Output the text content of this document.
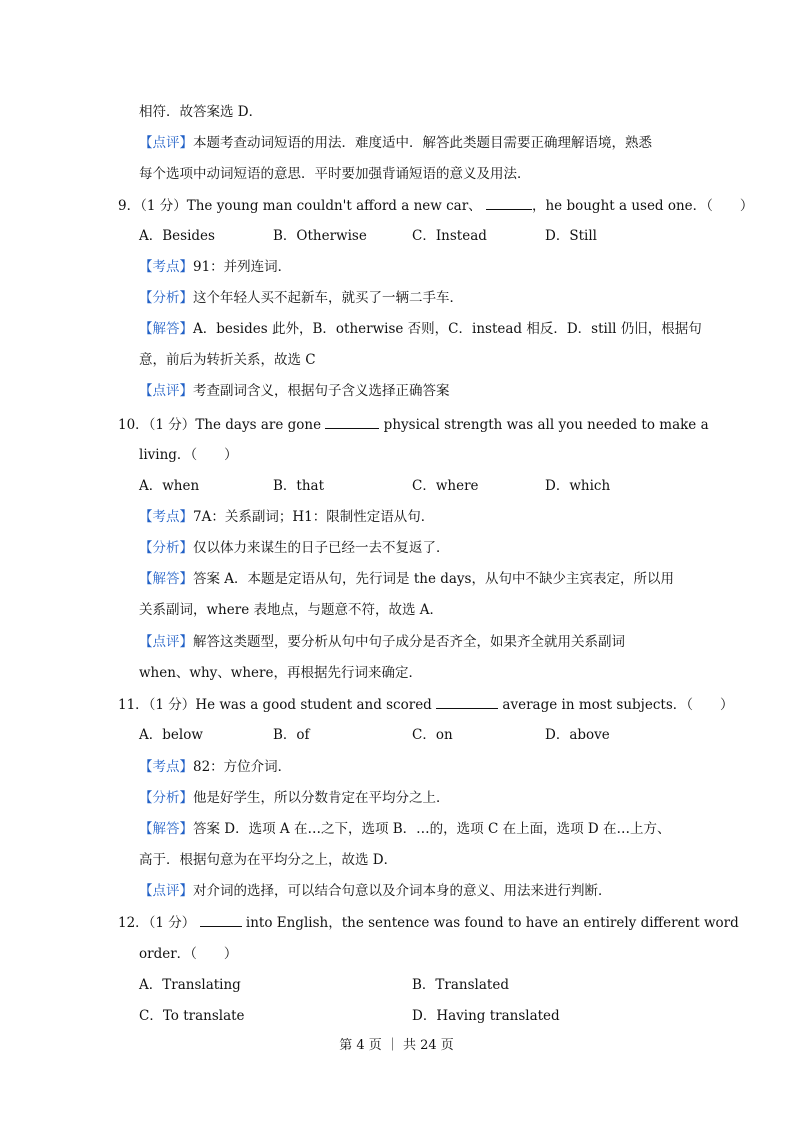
相符．故答案选 D．
【点评】本题考查动词短语的用法．难度适中．解答此类题目需要正确理解语境，熟悉
每个选项中动词短语的意思．平时要加强背诵短语的意义及用法．
9．（1 分）The young man couldn't afford a new car、	，he bought a used one．（　　）
A．Besides	B．Otherwise	C．Instead	D．Still
【考点】91：并列连词．
【分析】这个年轻人买不起新车，就买了一辆二手车．
【解答】A．besides 此外，B．otherwise 否则，C．instead 相反．D．still 仍旧，根据句
意，前后为转折关系，故选 C
【点评】考查副词含义，根据句子含义选择正确答案
10．（1 分）The days are gone	physical strength was all you needed to make a
living．（　　）
A．when	B．that	C．where	D．which
【考点】7A：关系副词；H1：限制性定语从句．
【分析】仅以体力来谋生的日子已经一去不复返了．
【解答】答案 A．本题是定语从句，先行词是 the days，从句中不缺少主宾表定，所以用
关系副词，where 表地点，与题意不符，故选 A．
【点评】解答这类题型，要分析从句中句子成分是否齐全，如果齐全就用关系副词
when、why、where，再根据先行词来确定．
11．（1 分）He was a good student and scored	average in most subjects．（　　）
A．below	B．of	C．on	D．above
【考点】82：方位介词．
【分析】他是好学生，所以分数肯定在平均分之上．
【解答】答案 D．选项 A 在…之下，选项 B．…的，选项 C 在上面，选项 D 在…上方、
高于．根据句意为在平均分之上，故选 D．
【点评】对介词的选择，可以结合句意以及介词本身的意义、用法来进行判断．
12．（1 分）	into English，the sentence was found to have an entirely different word
order．（　　）
A．Translating	B．Translated
C．To translate	D．Having translated
第 4 页 ｜ 共 24 页
